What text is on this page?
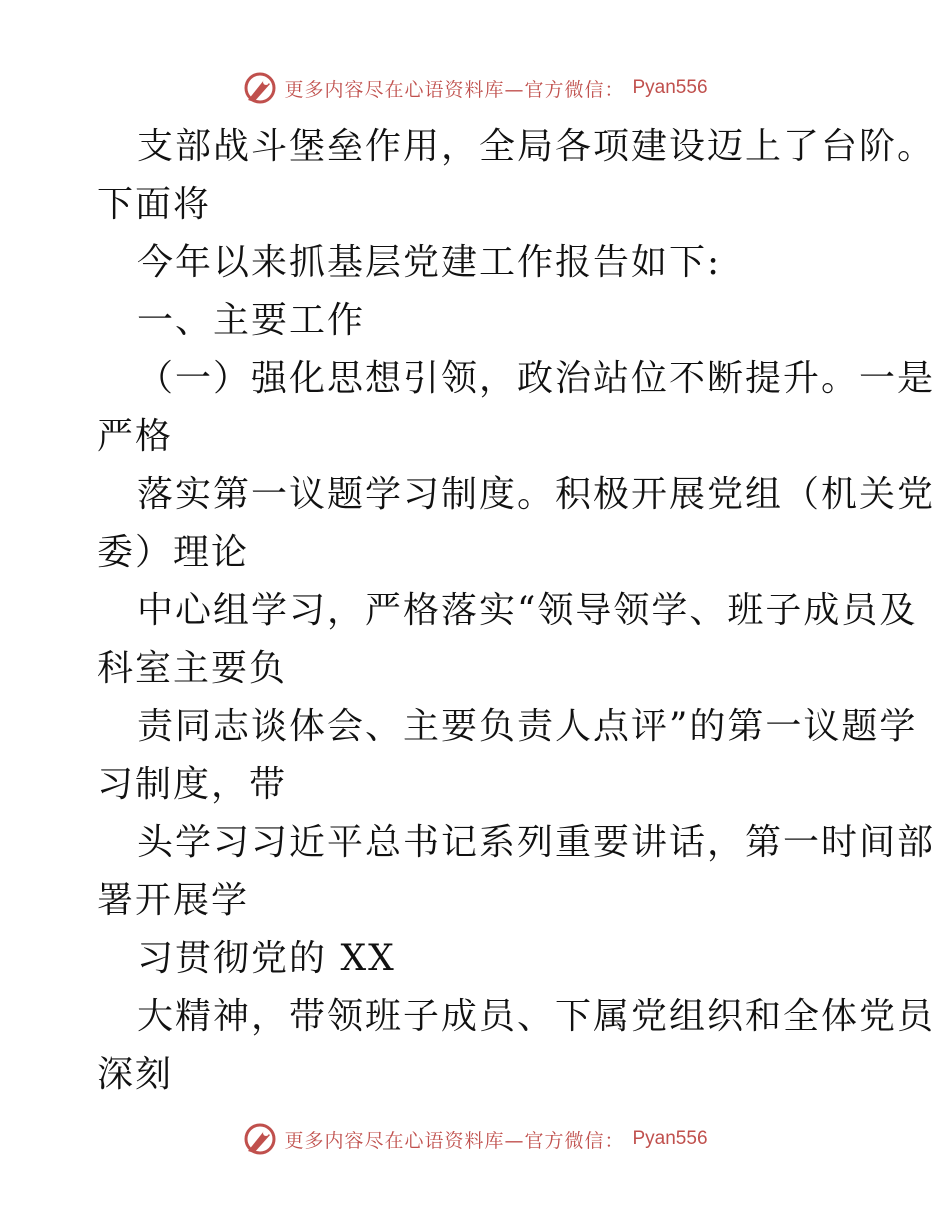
更多内容尽在心语资料库—官方微信： Pyan556

支部战斗堡垒作用，全局各项建设迈上了台阶。

下面将

今年以来抓基层党建工作报告如下:

一、主要工作

（一）强化思想引领，政治站位不断提升。一是

严格

落实第一议题学习制度。积极开展党组（机关党

委）理论

中心组学习，严格落实“领导领学、班子成员及

科室主要负

责同志谈体会、主要负责人点评”的第一议题学

习制度，带

头学习习近平总书记系列重要讲话，第一时间部

署开展学

习贯彻党的 XX

大精神，带领班子成员、下属党组织和全体党员

深刻

更多内容尽在心语资料库—官方微信： Pyan556
